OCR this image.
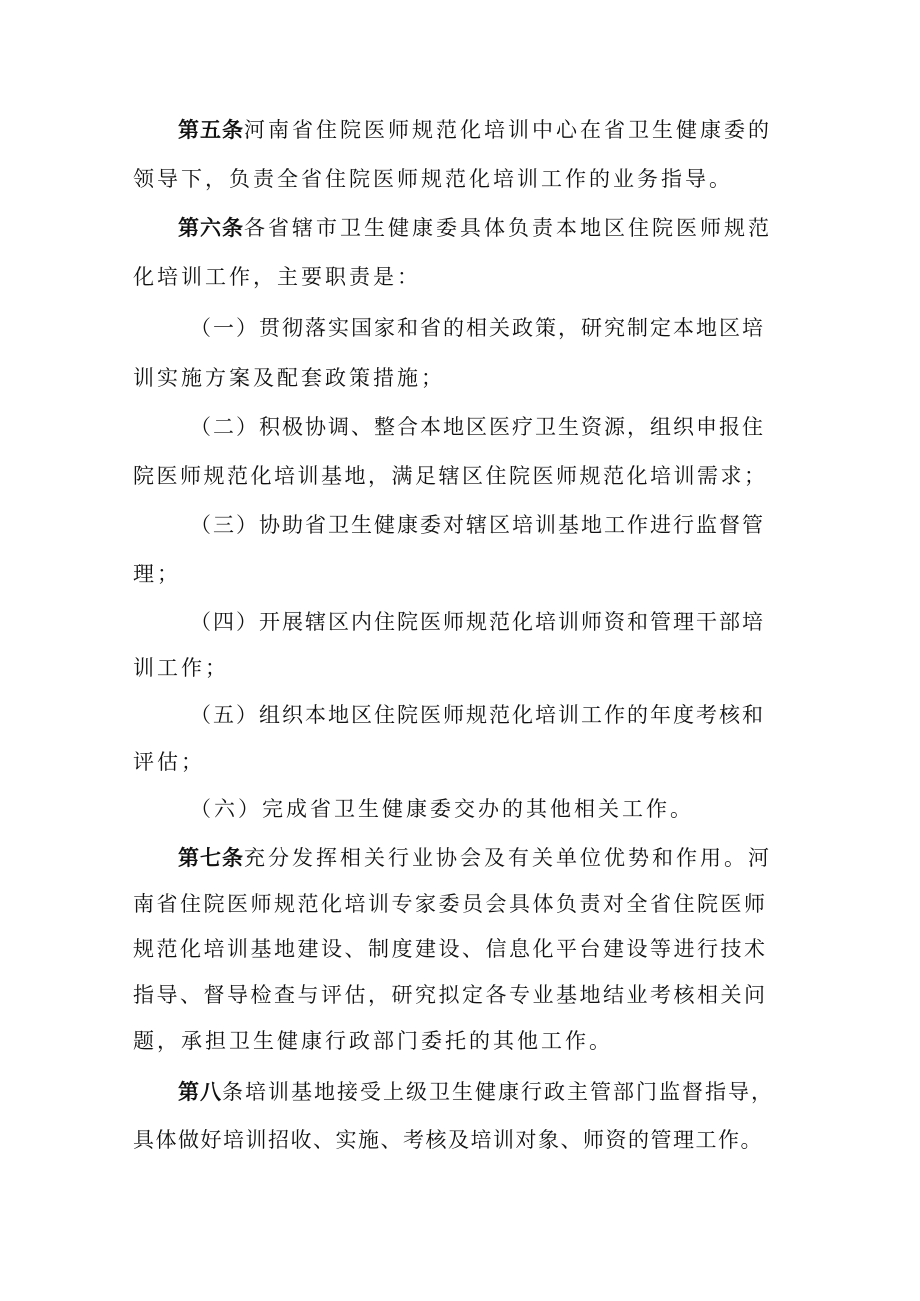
第五条河南省住院医师规范化培训中心在省卫生健康委的
领导下，负责全省住院医师规范化培训工作的业务指导。
第六条各省辖市卫生健康委具体负责本地区住院医师规范
化培训工作，主要职责是：
（一）贯彻落实国家和省的相关政策，研究制定本地区培
训实施方案及配套政策措施；
（二）积极协调、整合本地区医疗卫生资源，组织申报住
院医师规范化培训基地，满足辖区住院医师规范化培训需求；
（三）协助省卫生健康委对辖区培训基地工作进行监督管
理；
（四）开展辖区内住院医师规范化培训师资和管理干部培
训工作；
（五）组织本地区住院医师规范化培训工作的年度考核和
评估；
（六）完成省卫生健康委交办的其他相关工作。
第七条充分发挥相关行业协会及有关单位优势和作用。河
南省住院医师规范化培训专家委员会具体负责对全省住院医师
规范化培训基地建设、制度建设、信息化平台建设等进行技术
指导、督导检查与评估，研究拟定各专业基地结业考核相关问
题，承担卫生健康行政部门委托的其他工作。
第八条培训基地接受上级卫生健康行政主管部门监督指导，
具体做好培训招收、实施、考核及培训对象、师资的管理工作。
